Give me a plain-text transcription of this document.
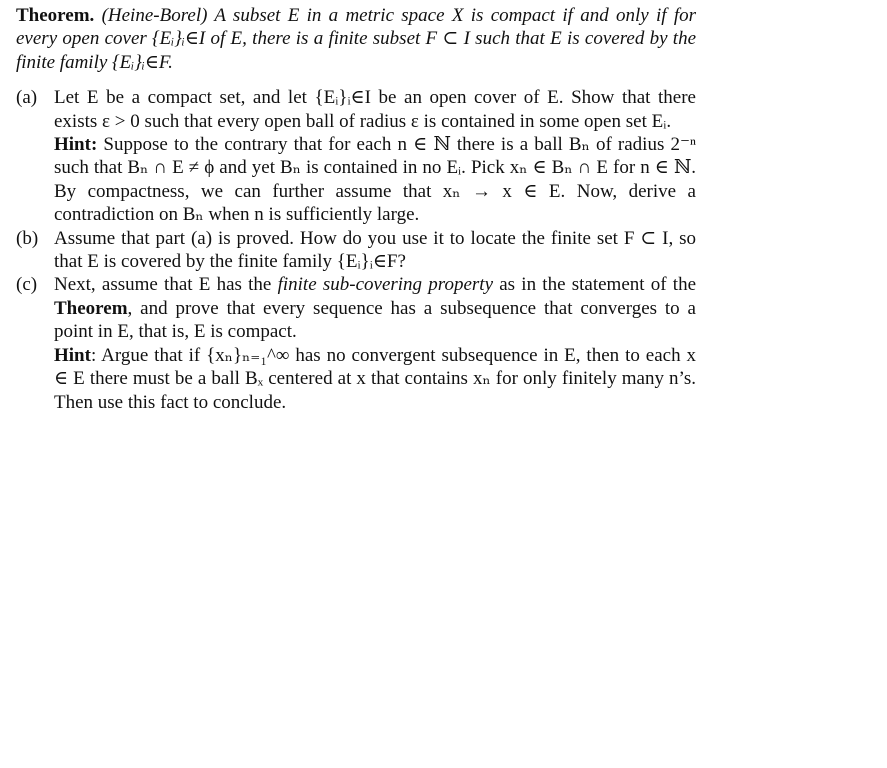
Theorem. (Heine-Borel) A subset E in a metric space X is compact if and only if for every open cover {Eᵢ}ᵢ∈I of E, there is a finite subset F ⊂ I such that E is covered by the finite family {Eᵢ}ᵢ∈F.

(a) Let E be a compact set, and let {Eᵢ}ᵢ∈I be an open cover of E. Show that there exists ε > 0 such that every open ball of radius ε is contained in some open set Eᵢ.

Hint: Suppose to the contrary that for each n ∈ ℕ there is a ball Bₙ of radius 2⁻ⁿ such that Bₙ ∩ E ≠ ϕ and yet Bₙ is contained in no Eᵢ. Pick xₙ ∈ Bₙ ∩ E for n ∈ ℕ. By compactness, we can further assume that xₙ → x ∈ E. Now, derive a contradiction on Bₙ when n is sufficiently large.

(b) Assume that part (a) is proved. How do you use it to locate the finite set F ⊂ I, so that E is covered by the finite family {Eᵢ}ᵢ∈F?

(c) Next, assume that E has the finite sub-covering property as in the statement of the Theorem, and prove that every sequence has a subsequence that converges to a point in E, that is, E is compact.

Hint: Argue that if {xₙ}ₙ₌₁^∞ has no convergent subsequence in E, then to each x ∈ E there must be a ball Bₓ centered at x that contains xₙ for only finitely many n’s. Then use this fact to conclude.
